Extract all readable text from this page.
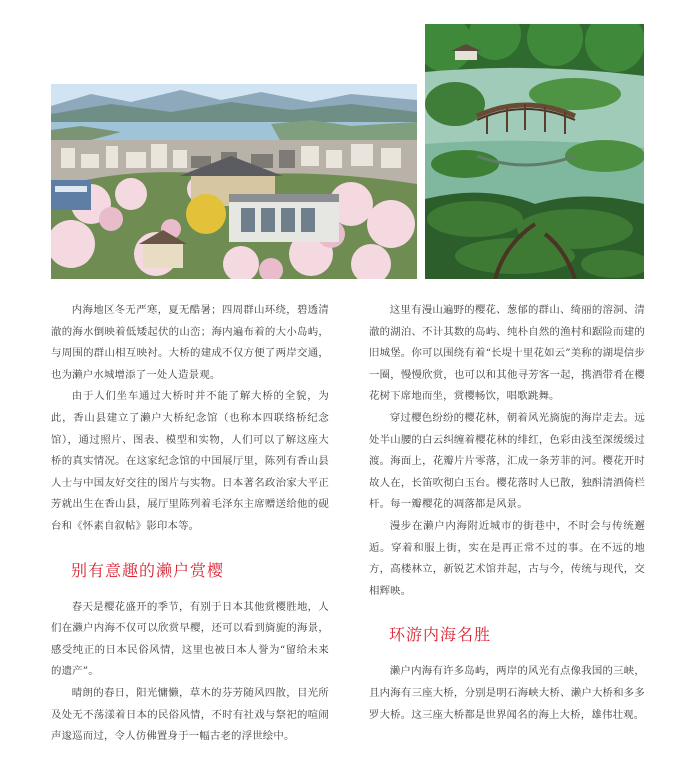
内海地区冬无严寒，夏无酷暑；四周群山环绕，碧透清澈的海水倒映着低矮起伏的山峦；海内遍布着的大小岛屿，与周围的群山相互映衬。大桥的建成不仅方便了两岸交通，也为濑户水城增添了一处人造景观。

由于人们坐车通过大桥时并不能了解大桥的全貌，为此，香山县建立了濑户大桥纪念馆（也称本四联络桥纪念馆），通过照片、图表、模型和实物，人们可以了解这座大桥的真实情况。在这家纪念馆的中国展厅里，陈列有香山县人士与中国友好交往的图片与实物。日本著名政治家大平正芳就出生在香山县，展厅里陈列着毛泽东主席赠送给他的砚台和《怀素自叙帖》影印本等。

别有意趣的濑户赏樱

春天是樱花盛开的季节，有别于日本其他赏樱胜地，人们在濑户内海不仅可以欣赏早樱，还可以看到旖旎的海景，感受纯正的日本民俗风情，这里也被日本人誉为“留给未来的遗产”。

晴朗的春日，阳光慵懒，草木的芬芳随风四散，目光所及处无不荡漾着日本的民俗风情，不时有社戏与祭祀的喧闹声逡巡而过，令人仿佛置身于一幅古老的浮世绘中。

这里有漫山遍野的樱花、葱郁的群山、绮丽的溶洞、清澈的湖泊、不计其数的岛屿、纯朴自然的渔村和踞险而建的旧城堡。你可以围绕有着“长堤十里花如云”美称的湖堤信步一圈，慢慢欣赏，也可以和其他寻芳客一起，携酒带肴在樱花树下席地而坐，赏樱畅饮，唱歌跳舞。

穿过樱色纷纷的樱花林，朝着风光旖旎的海岸走去。远处半山腰的白云纠缠着樱花林的绯红，色彩由浅至深缓缓过渡。海面上，花瓣片片零落，汇成一条芳菲的河。樱花开时故人在，长笛吹彻白玉台。樱花落时人已散，独酙清酒倚栏杆。每一瓣樱花的凋落都是风景。

漫步在濑户内海附近城市的街巷中，不时会与传统邂逅。穿着和服上街，实在是再正常不过的事。在不远的地方，高楼林立，新锐艺术馆并起，古与今，传统与现代，交相辉映。

环游内海名胜

濑户内海有许多岛屿，两岸的风光有点像我国的三峡，且内海有三座大桥，分别是明石海峡大桥、濑户大桥和多多罗大桥。这三座大桥都是世界闻名的海上大桥，雄伟壮观。
